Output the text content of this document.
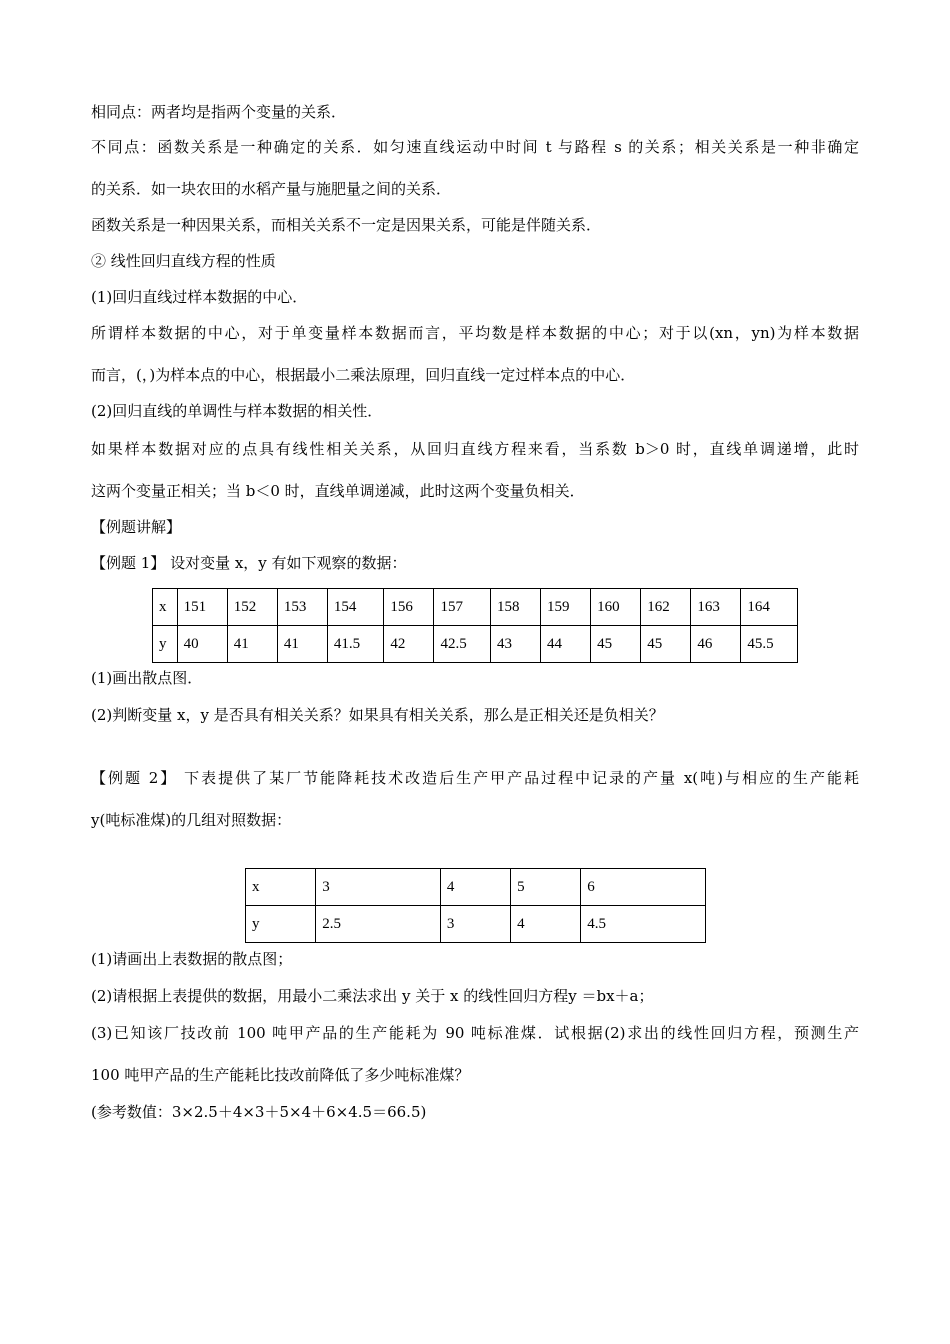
相同点：两者均是指两个变量的关系．
不同点：函数关系是一种确定的关系．如匀速直线运动中时间 t 与路程 s 的关系；相关关系是一种非确定
的关系．如一块农田的水稻产量与施肥量之间的关系．
函数关系是一种因果关系，而相关关系不一定是因果关系，可能是伴随关系．
② 线性回归直线方程的性质
(1)回归直线过样本数据的中心．
所谓样本数据的中心，对于单变量样本数据而言，平均数是样本数据的中心；对于以(xn，yn)为样本数据
而言，(，)为样本点的中心，根据最小二乘法原理，回归直线一定过样本点的中心．
(2)回归直线的单调性与样本数据的相关性．
如果样本数据对应的点具有线性相关关系，从回归直线方程来看，当系数 b＞0 时，直线单调递增，此时
这两个变量正相关；当 b＜0 时，直线单调递减，此时这两个变量负相关．
【例题讲解】
【例题 1】 设对变量 x，y 有如下观察的数据：
x	151	152	153	154	156	157	158	159	160	162	163	164
y	40	41	41	41.5	42	42.5	43	44	45	45	46	45.5
(1)画出散点图．
(2)判断变量 x，y 是否具有相关关系？如果具有相关关系，那么是正相关还是负相关？
【例题 2】 下表提供了某厂节能降耗技术改造后生产甲产品过程中记录的产量 x(吨)与相应的生产能耗
y(吨标准煤)的几组对照数据：
x	3	4	5	6
y	2.5	3	4	4.5
(1)请画出上表数据的散点图；
(2)请根据上表提供的数据，用最小二乘法求出 y 关于 x 的线性回归方程y ＝bx＋a；
(3)已知该厂技改前 100 吨甲产品的生产能耗为 90 吨标准煤．试根据(2)求出的线性回归方程，预测生产
100 吨甲产品的生产能耗比技改前降低了多少吨标准煤？
(参考数值：3×2.5＋4×3＋5×4＋6×4.5＝66.5)
